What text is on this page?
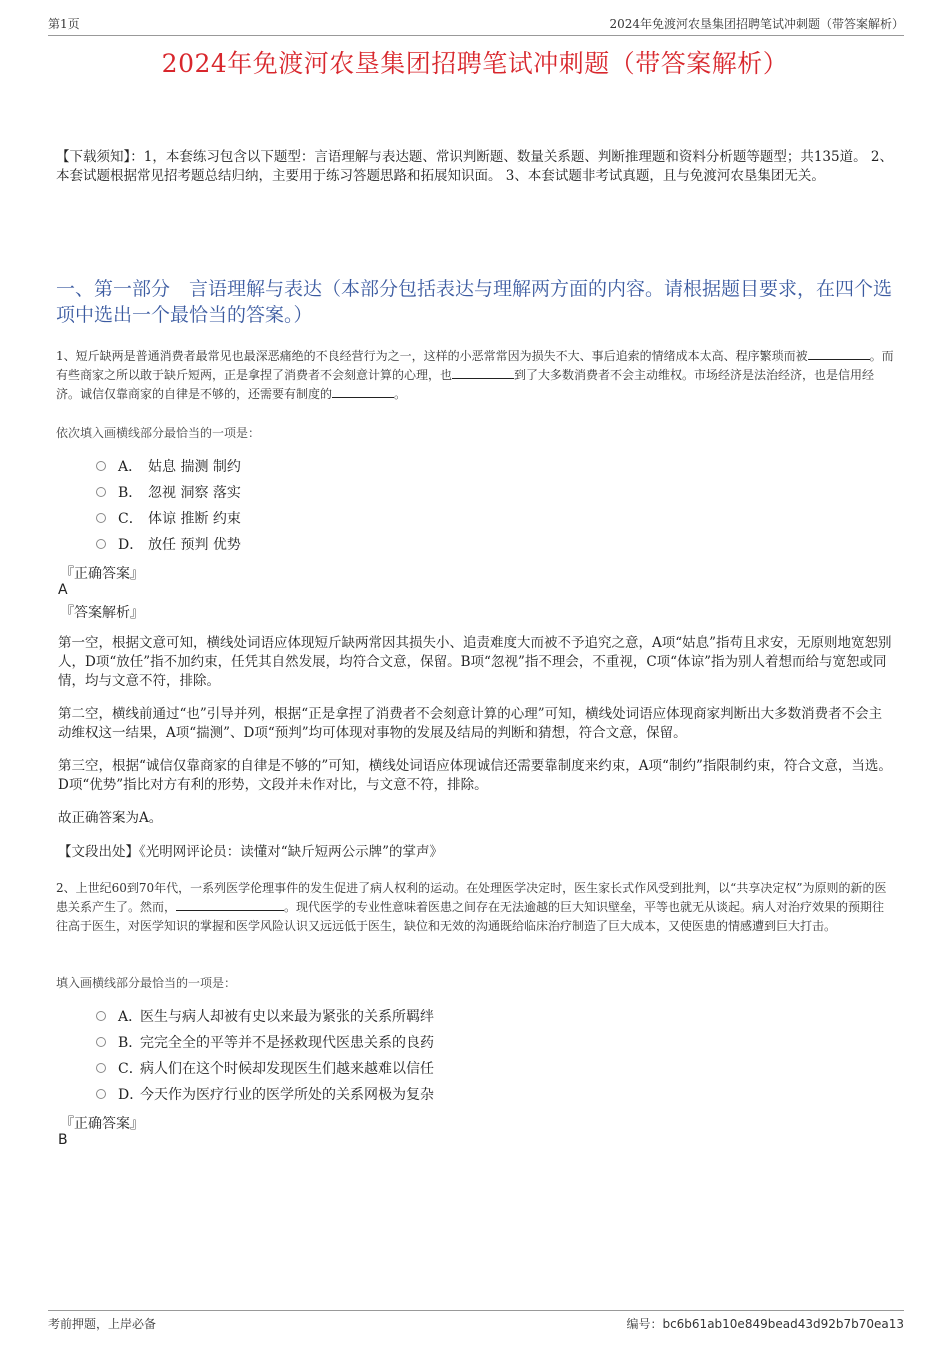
第1页	2024年免渡河农垦集团招聘笔试冲刺题（带答案解析）
2024年免渡河农垦集团招聘笔试冲刺题（带答案解析）
【下载须知】：1，本套练习包含以下题型：言语理解与表达题、常识判断题、数量关系题、判断推理题和资料分析题等题型；共135道。 2、本套试题根据常见招考题总结归纳，主要用于练习答题思路和拓展知识面。 3、本套试题非考试真题，且与免渡河农垦集团无关。
一、第一部分　言语理解与表达（本部分包括表达与理解两方面的内容。请根据题目要求，在四个选项中选出一个最恰当的答案。）
1、短斤缺两是普通消费者最常见也最深恶痛绝的不良经营行为之一，这样的小恶常常因为损失不大、事后追索的情绪成本太高、程序繁琐而被	。而有些商家之所以敢于缺斤短两，正是拿捏了消费者不会刻意计算的心理，也	到了大多数消费者不会主动维权。市场经济是法治经济，也是信用经济。诚信仅靠商家的自律是不够的，还需要有制度的	。
依次填入画横线部分最恰当的一项是：
A． 姑息 揣测 制约
B． 忽视 洞察 落实
C． 体谅 推断 约束
D． 放任 预判 优势
『正确答案』
A
『答案解析』
第一空，根据文意可知，横线处词语应体现短斤缺两常因其损失小、追责难度大而被不予追究之意，A项“姑息”指苟且求安，无原则地宽恕别人，D项“放任”指不加约束，任凭其自然发展，均符合文意，保留。B项“忽视”指不理会，不重视，C项“体谅”指为别人着想而给与宽恕或同情，均与文意不符，排除。
第二空，横线前通过“也”引导并列，根据“正是拿捏了消费者不会刻意计算的心理”可知，横线处词语应体现商家判断出大多数消费者不会主动维权这一结果，A项“揣测”、D项“预判”均可体现对事物的发展及结局的判断和猜想，符合文意，保留。
第三空，根据“诚信仅靠商家的自律是不够的”可知，横线处词语应体现诚信还需要靠制度来约束，A项“制约”指限制约束，符合文意，当选。D项“优势”指比对方有利的形势，文段并未作对比，与文意不符，排除。
故正确答案为A。
【文段出处】《光明网评论员：读懂对“缺斤短两公示牌”的掌声》
2、上世纪60到70年代，一系列医学伦理事件的发生促进了病人权利的运动。在处理医学决定时，医生家长式作风受到批判，以“共享决定权”为原则的新的医患关系产生了。然而，	。现代医学的专业性意味着医患之间存在无法逾越的巨大知识壁垒，平等也就无从谈起。病人对治疗效果的预期往往高于医生，对医学知识的掌握和医学风险认识又远远低于医生，缺位和无效的沟通既给临床治疗制造了巨大成本，又使医患的情感遭到巨大打击。
填入画横线部分最恰当的一项是：
A．
医生与病人却被有史以来最为紧张的关系所羁绊
B．
完完全全的平等并不是拯救现代医患关系的良药
C．
病人们在这个时候却发现医生们越来越难以信任
D．
今天作为医疗行业的医学所处的关系网极为复杂
『正确答案』
B
考前押题，上岸必备	编号：bc6b61ab10e849bead43d92b7b70ea13
